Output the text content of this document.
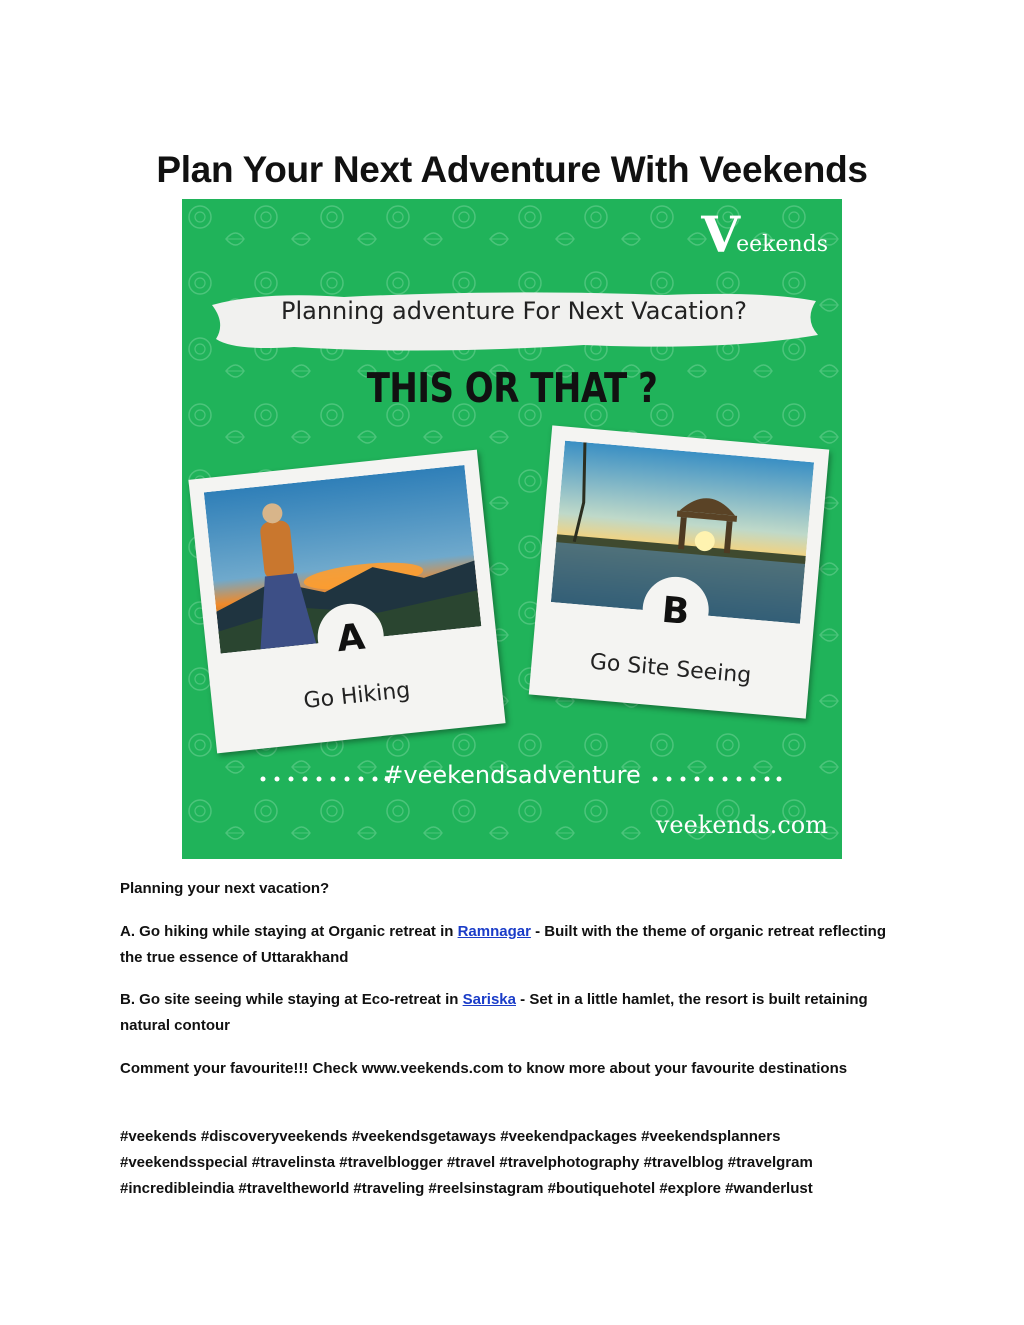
Plan Your Next Adventure With Veekends
V
eekends
Planning adventure For Next Vacation?
THIS OR THAT ?
A
Go Hiking
B
Go Site Seeing
#veekendsadventure
veekends.com

Planning your next vacation?

A. Go hiking while staying at Organic retreat in Ramnagar - Built with the theme of organic retreat reflecting the true essence of Uttarakhand

B. Go site seeing while staying at Eco-retreat in Sariska - Set in a little hamlet, the resort is built retaining natural contour

Comment your favourite!!! Check www.veekends.com to know more about your favourite destinations

#veekends #discoveryveekends #veekendsgetaways #veekendpackages #veekendsplanners #veekendsspecial #travelinsta #travelblogger #travel #travelphotography #travelblog #travelgram #incredibleindia #traveltheworld #traveling #reelsinstagram #boutiquehotel #explore #wanderlust
